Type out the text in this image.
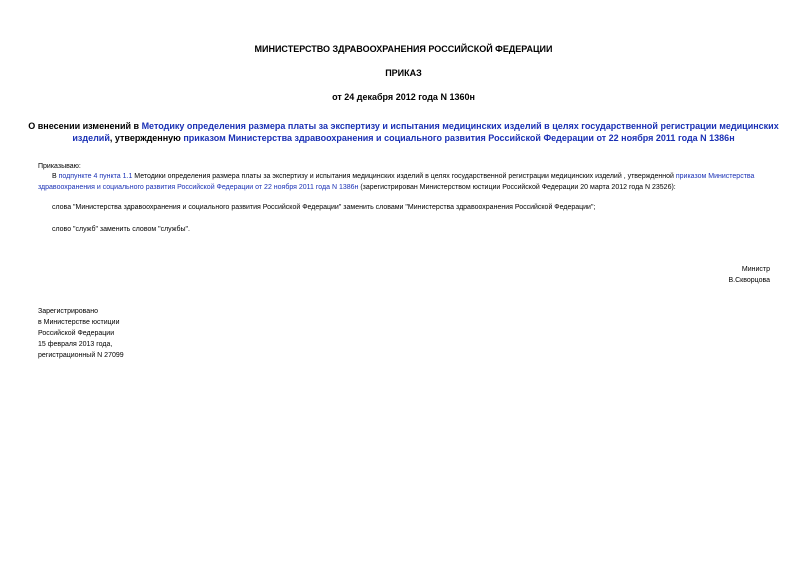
МИНИСТЕРСТВО ЗДРАВООХРАНЕНИЯ РОССИЙСКОЙ ФЕДЕРАЦИИ
ПРИКАЗ
от 24 декабря 2012 года N 1360н
О внесении изменений в Методику определения размера платы за экспертизу и испытания медицинских изделий в целях государственной регистрации медицинских изделий, утвержденную приказом Министерства здравоохранения и социального развития Российской Федерации от 22 ноября 2011 года N 1386н
Приказываю:
В подпункте 4 пункта 1.1 Методики определения размера платы за экспертизу и испытания медицинских изделий в целях государственной регистрации медицинских изделий , утвержденной приказом Министерства здравоохранения и социального развития Российской Федерации от 22 ноября 2011 года N 1386н (зарегистрирован Министерством юстиции Российской Федерации 20 марта 2012 года N 23526):
слова "Министерства здравоохранения и социального развития Российской Федерации" заменить словами "Министерства здравоохранения Российской Федерации";
слово "служб" заменить словом "службы".
Министр
В.Скворцова
Зарегистрировано
в Министерстве юстиции
Российской Федерации
15 февраля 2013 года,
регистрационный N 27099
